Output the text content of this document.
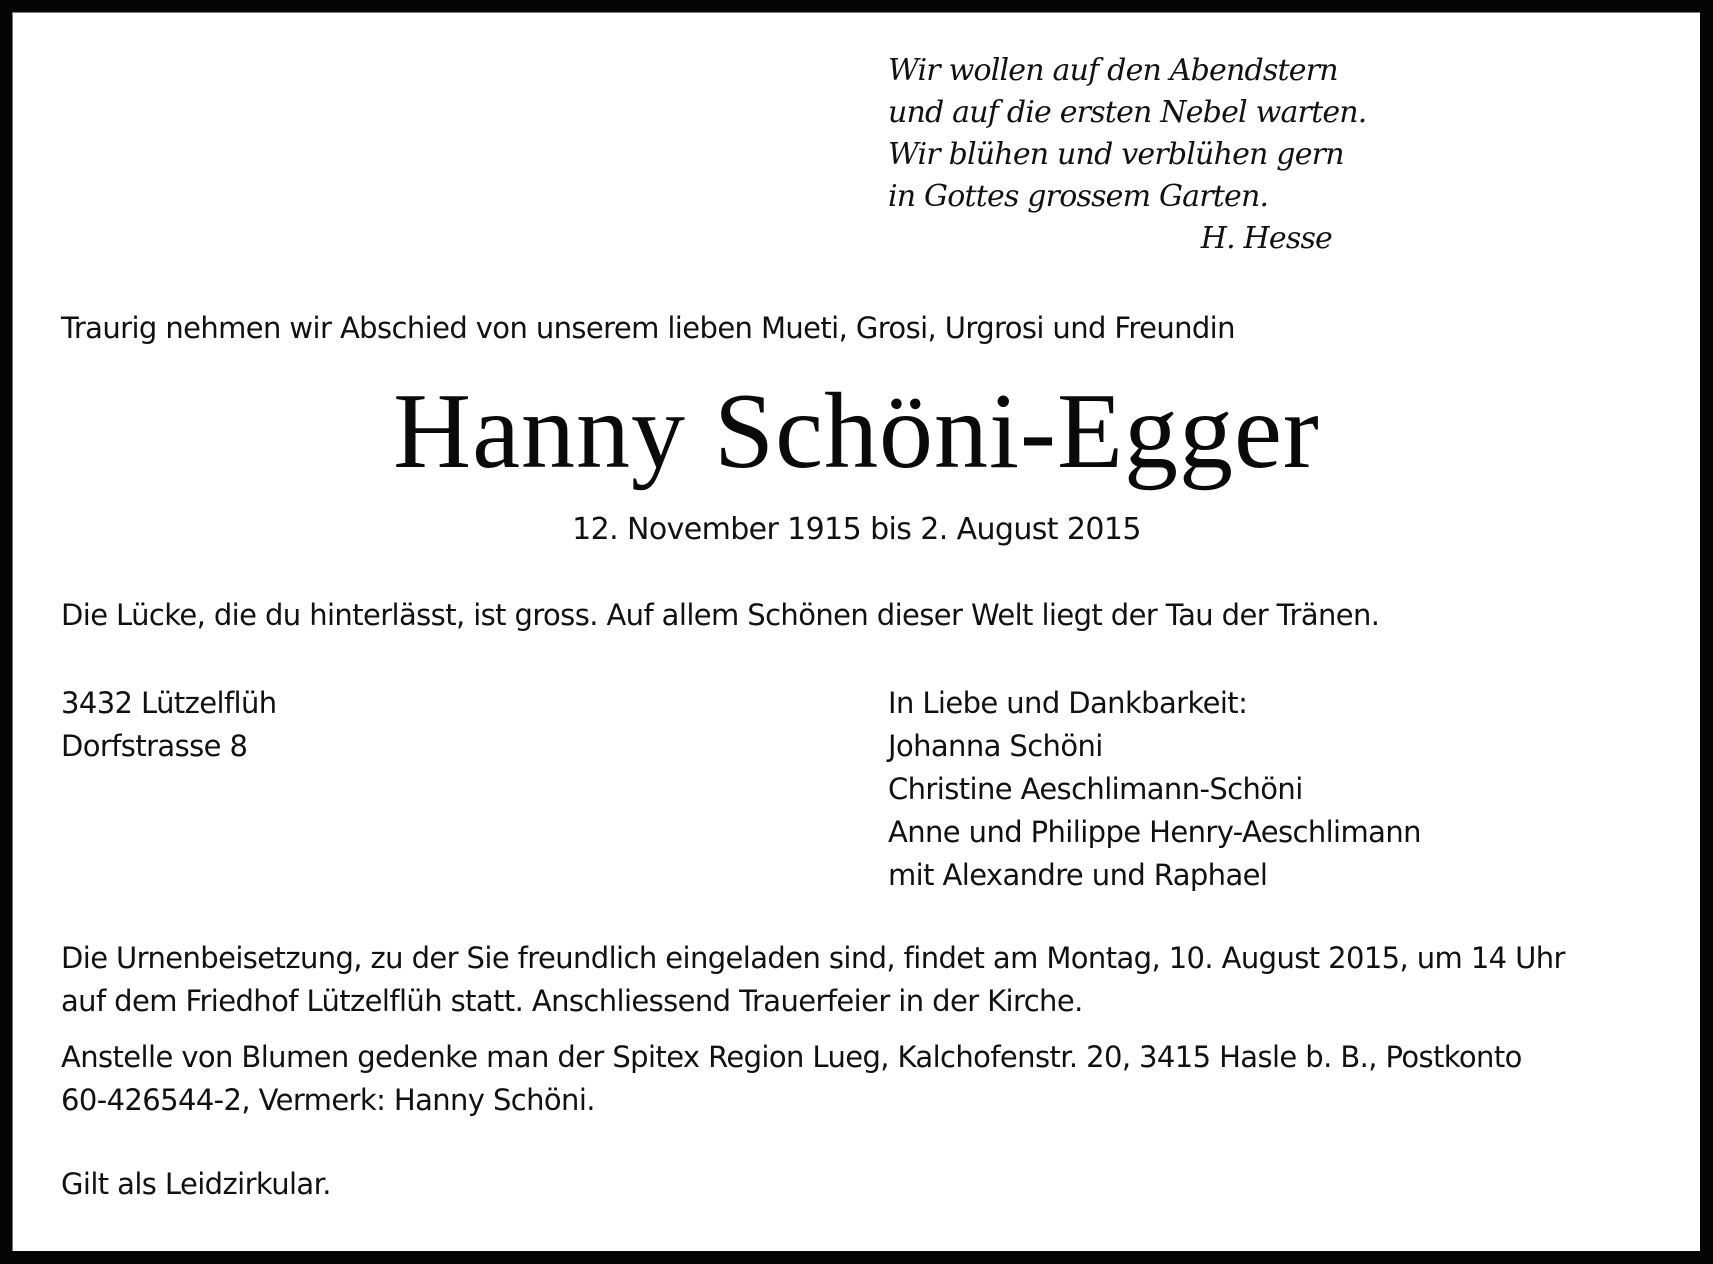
Wir wollen auf den Abendstern
und auf die ersten Nebel warten.
Wir blühen und verblühen gern
in Gottes grossem Garten.
H. Hesse
Traurig nehmen wir Abschied von unserem lieben Mueti, Grosi, Urgrosi und Freundin
Hanny Schöni-Egger
12. November 1915 bis 2. August 2015
Die Lücke, die du hinterlässt, ist gross. Auf allem Schönen dieser Welt liegt der Tau der Tränen.
3432 Lützelflüh
Dorfstrasse 8
In Liebe und Dankbarkeit:
Johanna Schöni
Christine Aeschlimann-Schöni
Anne und Philippe Henry-Aeschlimann
mit Alexandre und Raphael
Die Urnenbeisetzung, zu der Sie freundlich eingeladen sind, findet am Montag, 10. August 2015, um 14 Uhr
auf dem Friedhof Lützelflüh statt. Anschliessend Trauerfeier in der Kirche.
Anstelle von Blumen gedenke man der Spitex Region Lueg, Kalchofenstr. 20, 3415 Hasle b. B., Postkonto
60-426544-2, Vermerk: Hanny Schöni.
Gilt als Leidzirkular.
